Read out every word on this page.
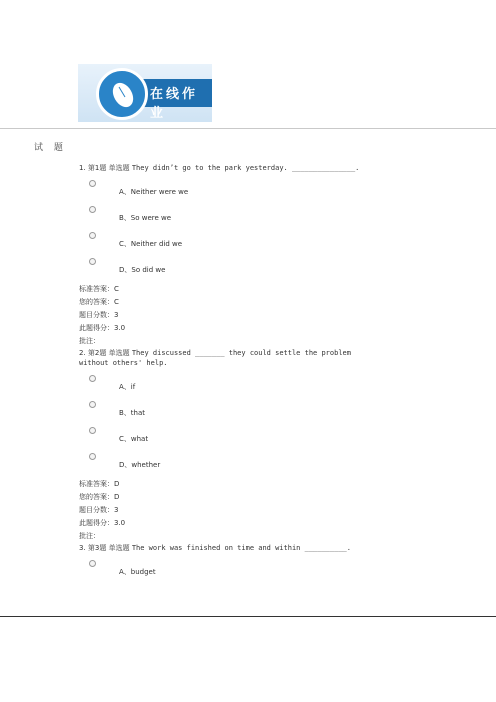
在线作业
试 题
1. 第1题 单选题 They didn’t go to the park yesterday. _______________.
A、Neither were we
B、So were we
C、Neither did we
D、So did we
标准答案：C
您的答案：C
题目分数：3
此题得分：3.0
批注：
2. 第2题 单选题 They discussed _______ they could settle the problem without others' help.
A、if
B、that
C、what
D、whether
标准答案：D
您的答案：D
题目分数：3
此题得分：3.0
批注：
3. 第3题 单选题 The work was finished on time and within __________.
A、budget
